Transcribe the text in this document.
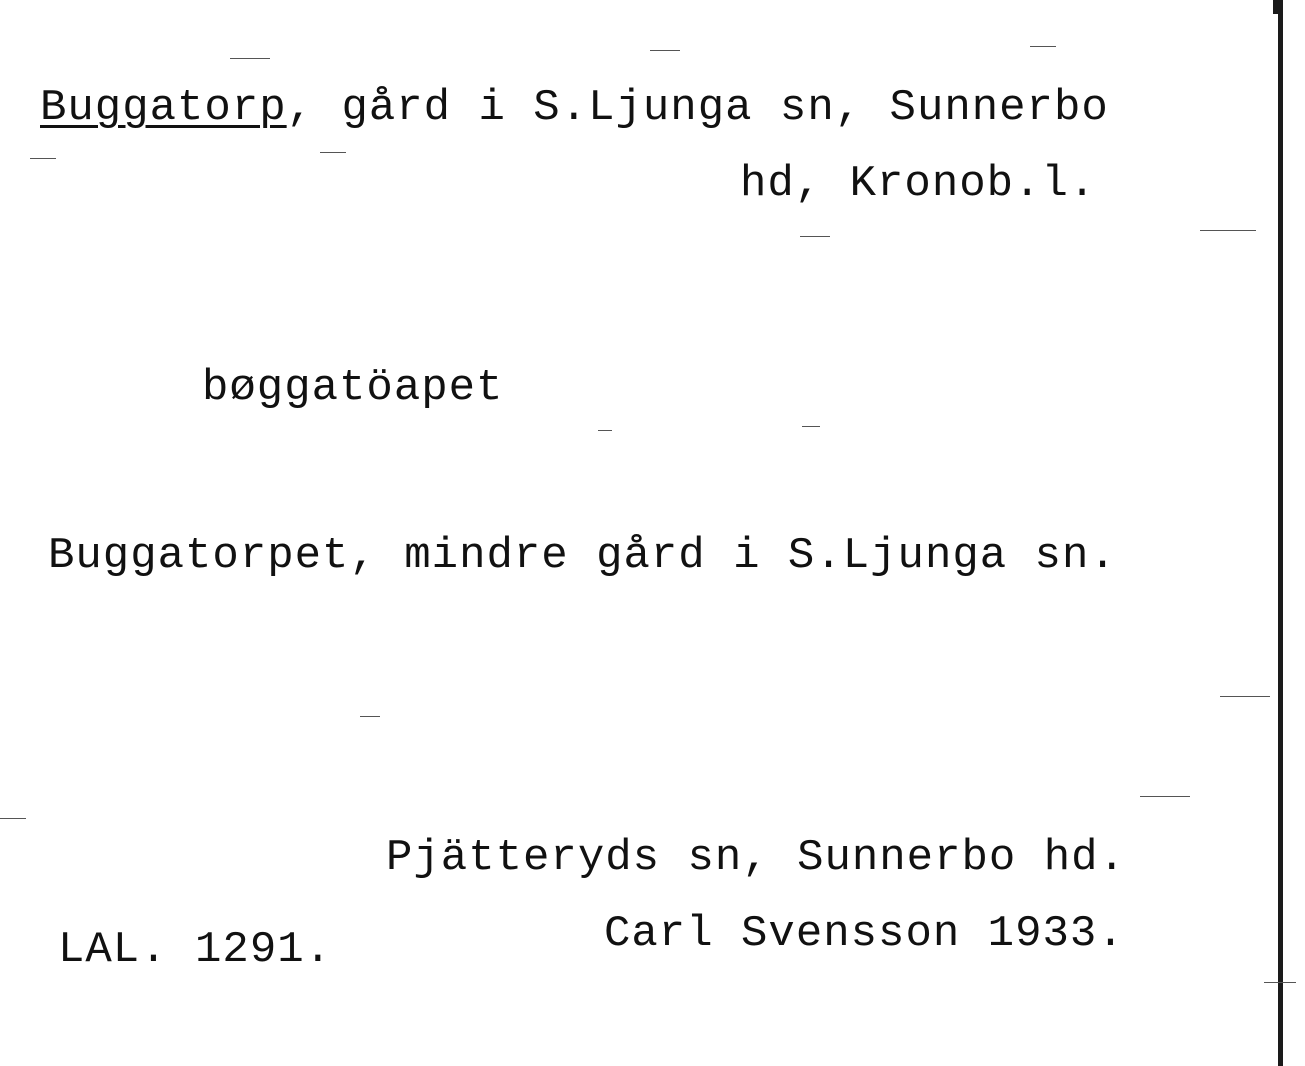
Buggatorp, gård i S.Ljunga sn, Sunnerbo
hd, Kronob.l.
bøggatöapet
Buggatorpet, mindre gård i S.Ljunga sn.
Pjätteryds sn, Sunnerbo hd.
LAL. 1291.	Carl Svensson 1933.
